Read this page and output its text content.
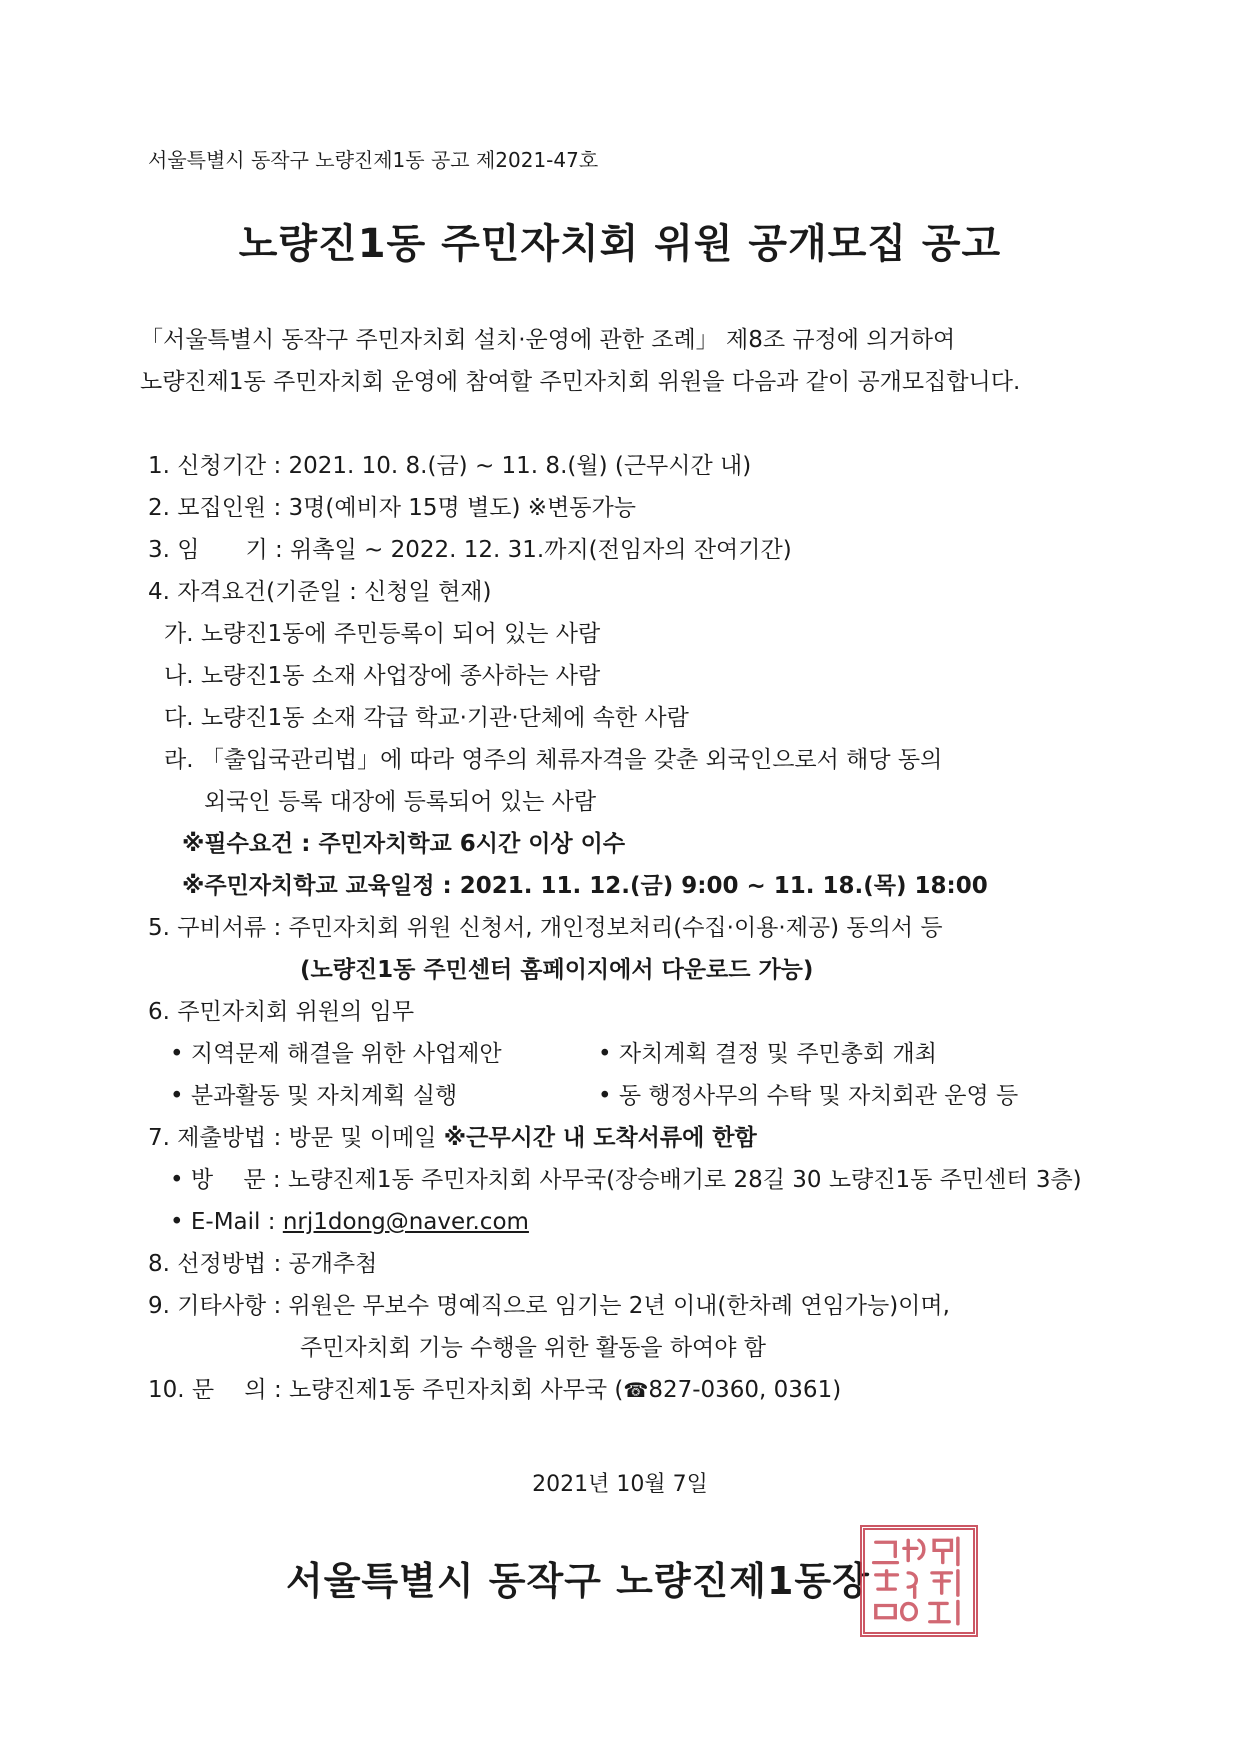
서울특별시 동작구 노량진제1동 공고 제2021-47호
노량진1동 주민자치회 위원 공개모집 공고
「서울특별시 동작구 주민자치회 설치·운영에 관한 조례」 제8조 규정에 의거하여
노량진제1동 주민자치회 운영에 참여할 주민자치회 위원을 다음과 같이 공개모집합니다.
1. 신청기간 : 2021. 10. 8.(금) ~ 11. 8.(월) (근무시간 내)
2. 모집인원 : 3명(예비자 15명 별도) ※변동가능
3. 임　　기 : 위촉일 ~ 2022. 12. 31.까지(전임자의 잔여기간)
4. 자격요건(기준일 : 신청일 현재)
가. 노량진1동에 주민등록이 되어 있는 사람
나. 노량진1동 소재 사업장에 종사하는 사람
다. 노량진1동 소재 각급 학교·기관·단체에 속한 사람
라. 「출입국관리법」에 따라 영주의 체류자격을 갖춘 외국인으로서 해당 동의
외국인 등록 대장에 등록되어 있는 사람
※필수요건 : 주민자치학교 6시간 이상 이수
※주민자치학교 교육일정 : 2021. 11. 12.(금) 9:00 ~ 11. 18.(목) 18:00
5. 구비서류 : 주민자치회 위원 신청서, 개인정보처리(수집·이용·제공) 동의서 등
(노량진1동 주민센터 홈페이지에서 다운로드 가능)
6. 주민자치회 위원의 임무
• 지역문제 해결을 위한 사업제안	• 자치계획 결정 및 주민총회 개최
• 분과활동 및 자치계획 실행	• 동 행정사무의 수탁 및 자치회관 운영 등
7. 제출방법 : 방문 및 이메일 ※근무시간 내 도착서류에 한함
• 방　 문 : 노량진제1동 주민자치회 사무국(장승배기로 28길 30 노량진1동 주민센터 3층)
• E-Mail : nrj1dong@naver.com
8. 선정방법 : 공개추첨
9. 기타사항 : 위원은 무보수 명예직으로 임기는 2년 이내(한차례 연임가능)이며,
주민자치회 기능 수행을 위한 활동을 하여야 함
10. 문　 의 : 노량진제1동 주민자치회 사무국 (☎827-0360, 0361)
2021년 10월 7일
서울특별시 동작구 노량진제1동장
